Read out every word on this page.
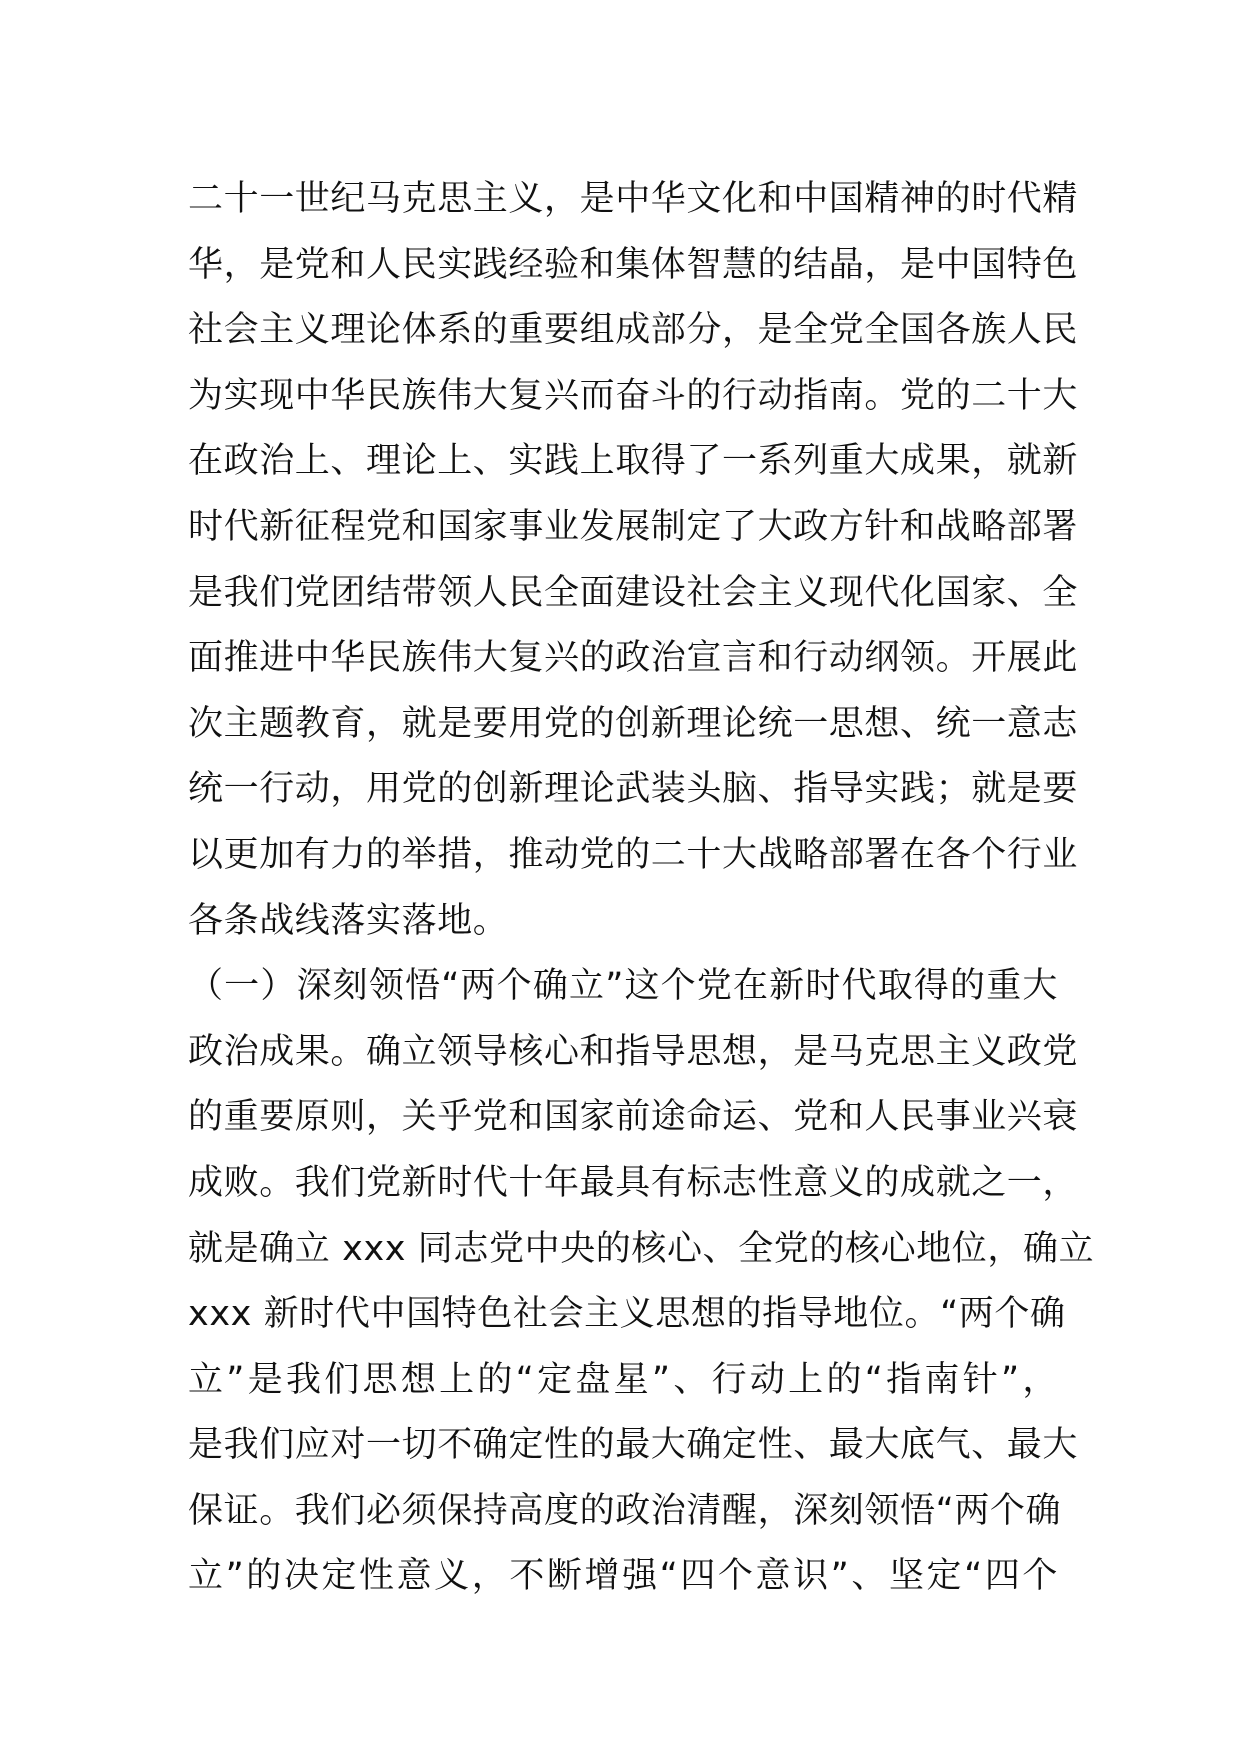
二十一世纪马克思主义，是中华文化和中国精神的时代精
华，是党和人民实践经验和集体智慧的结晶，是中国特色
社会主义理论体系的重要组成部分，是全党全国各族人民
为实现中华民族伟大复兴而奋斗的行动指南。党的二十大
在政治上、理论上、实践上取得了一系列重大成果，就新
时代新征程党和国家事业发展制定了大政方针和战略部署
是我们党团结带领人民全面建设社会主义现代化国家、全
面推进中华民族伟大复兴的政治宣言和行动纲领。开展此
次主题教育，就是要用党的创新理论统一思想、统一意志
统一行动，用党的创新理论武装头脑、指导实践；就是要
以更加有力的举措，推动党的二十大战略部署在各个行业
各条战线落实落地。
（一）深刻领悟“两个确立”这个党在新时代取得的重大
政治成果。确立领导核心和指导思想，是马克思主义政党
的重要原则，关乎党和国家前途命运、党和人民事业兴衰
成败。我们党新时代十年最具有标志性意义的成就之一，
就是确立 xxx 同志党中央的核心、全党的核心地位，确立
xxx 新时代中国特色社会主义思想的指导地位。“两个确
立”是我们思想上的“定盘星”、行动上的“指南针”，
是我们应对一切不确定性的最大确定性、最大底气、最大
保证。我们必须保持高度的政治清醒，深刻领悟“两个确
立”的决定性意义，不断增强“四个意识”、坚定“四个
